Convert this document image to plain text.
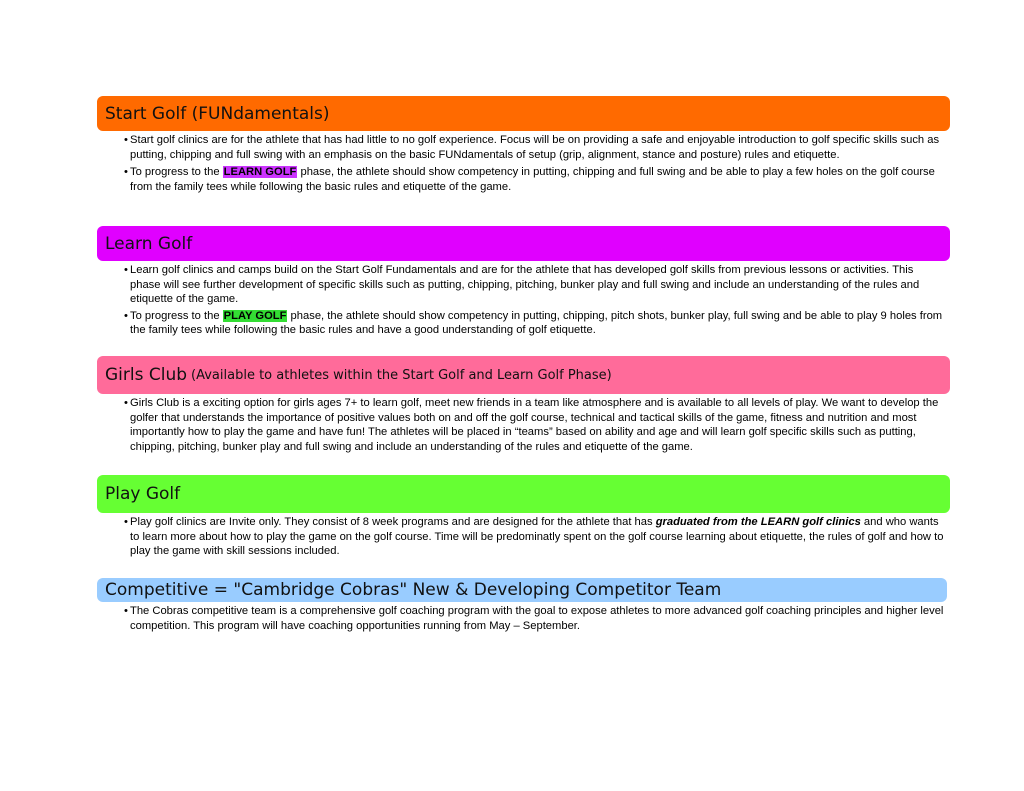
Start Golf (FUNdamentals)
• Start golf clinics are for the athlete that has had little to no golf experience. Focus will be on providing a safe and enjoyable introduction to golf specific skills such as putting, chipping and full swing with an emphasis on the basic FUNdamentals of setup (grip, alignment, stance and posture) rules and etiquette.
• To progress to the LEARN GOLF phase, the athlete should show competency in putting, chipping and full swing and be able to play a few holes on the golf course from the family tees while following the basic rules and etiquette of the game.
Learn Golf
• Learn golf clinics and camps build on the Start Golf Fundamentals and are for the athlete that has developed golf skills from previous lessons or activities. This phase will see further development of specific skills such as putting, chipping, pitching, bunker play and full swing and include an understanding of the rules and etiquette of the game.
• To progress to the PLAY GOLF phase, the athlete should show competency in putting, chipping, pitch shots, bunker play, full swing and be able to play 9 holes from the family tees while following the basic rules and have a good understanding of golf etiquette.
Girls Club (Available to athletes within the Start Golf and Learn Golf Phase)
• Girls Club is a exciting option for girls ages 7+ to learn golf, meet new friends in a team like atmosphere and is available to all levels of play. We want to develop the golfer that understands the importance of positive values both on and off the golf course, technical and tactical skills of the game, fitness and nutrition and most importantly how to play the game and have fun! The athletes will be placed in “teams” based on ability and age and will learn golf specific skills such as putting, chipping, pitching, bunker play and full swing and include an understanding of the rules and etiquette of the game.
Play Golf
• Play golf clinics are Invite only. They consist of 8 week programs and are designed for the athlete that has graduated from the LEARN golf clinics and who wants to learn more about how to play the game on the golf course. Time will be predominatly spent on the golf course learning about etiquette, the rules of golf and how to play the game with skill sessions included.
Competitive = "Cambridge Cobras" New & Developing Competitor Team
• The Cobras competitive team is a comprehensive golf coaching program with the goal to expose athletes to more advanced golf coaching principles and higher level competition. This program will have coaching opportunities running from May – September.
